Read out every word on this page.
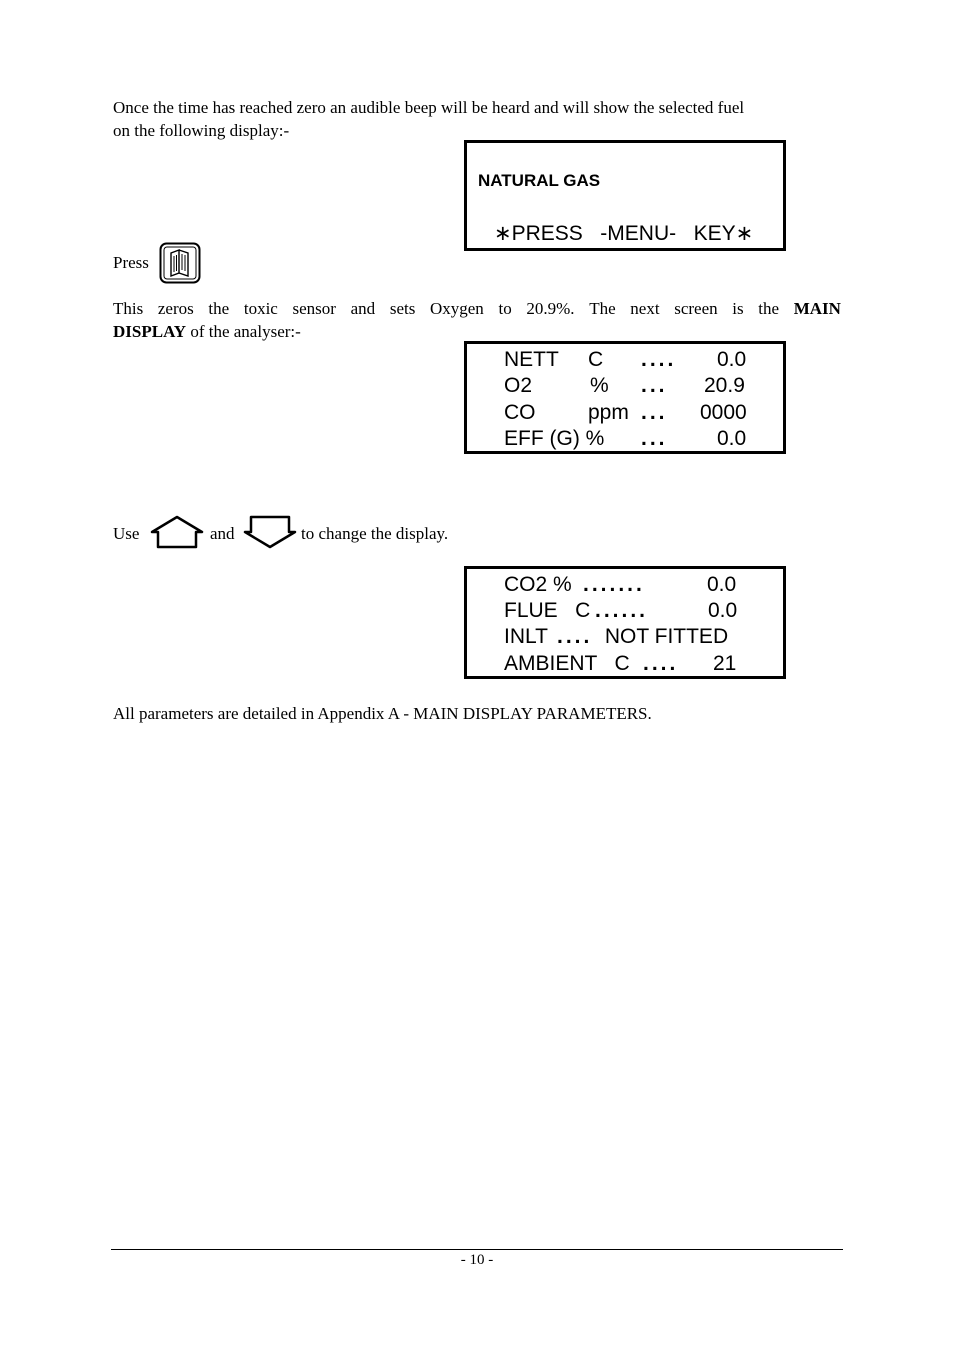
Once the time has reached zero an audible beep will be heard and will show the selected fuel
on the following display:-
NATURAL GAS
∗PRESS   -MENU-   KEY∗
Press
This zeros the toxic sensor and sets Oxygen to 20.9%. The next screen is the MAIN
DISPLAY of the analyser:-
NETT C .... 0.0
O2	% ... 20.9
CO	ppm ... 0000
EFF (G) % ... 0.0
Use	and	to change the display.
CO2 % .......	0.0
FLUE   C ......	0.0
INLT .... NOT FITTED
AMBIENT   C .... 21
All parameters are detailed in Appendix A - MAIN DISPLAY PARAMETERS.
- 10 -
